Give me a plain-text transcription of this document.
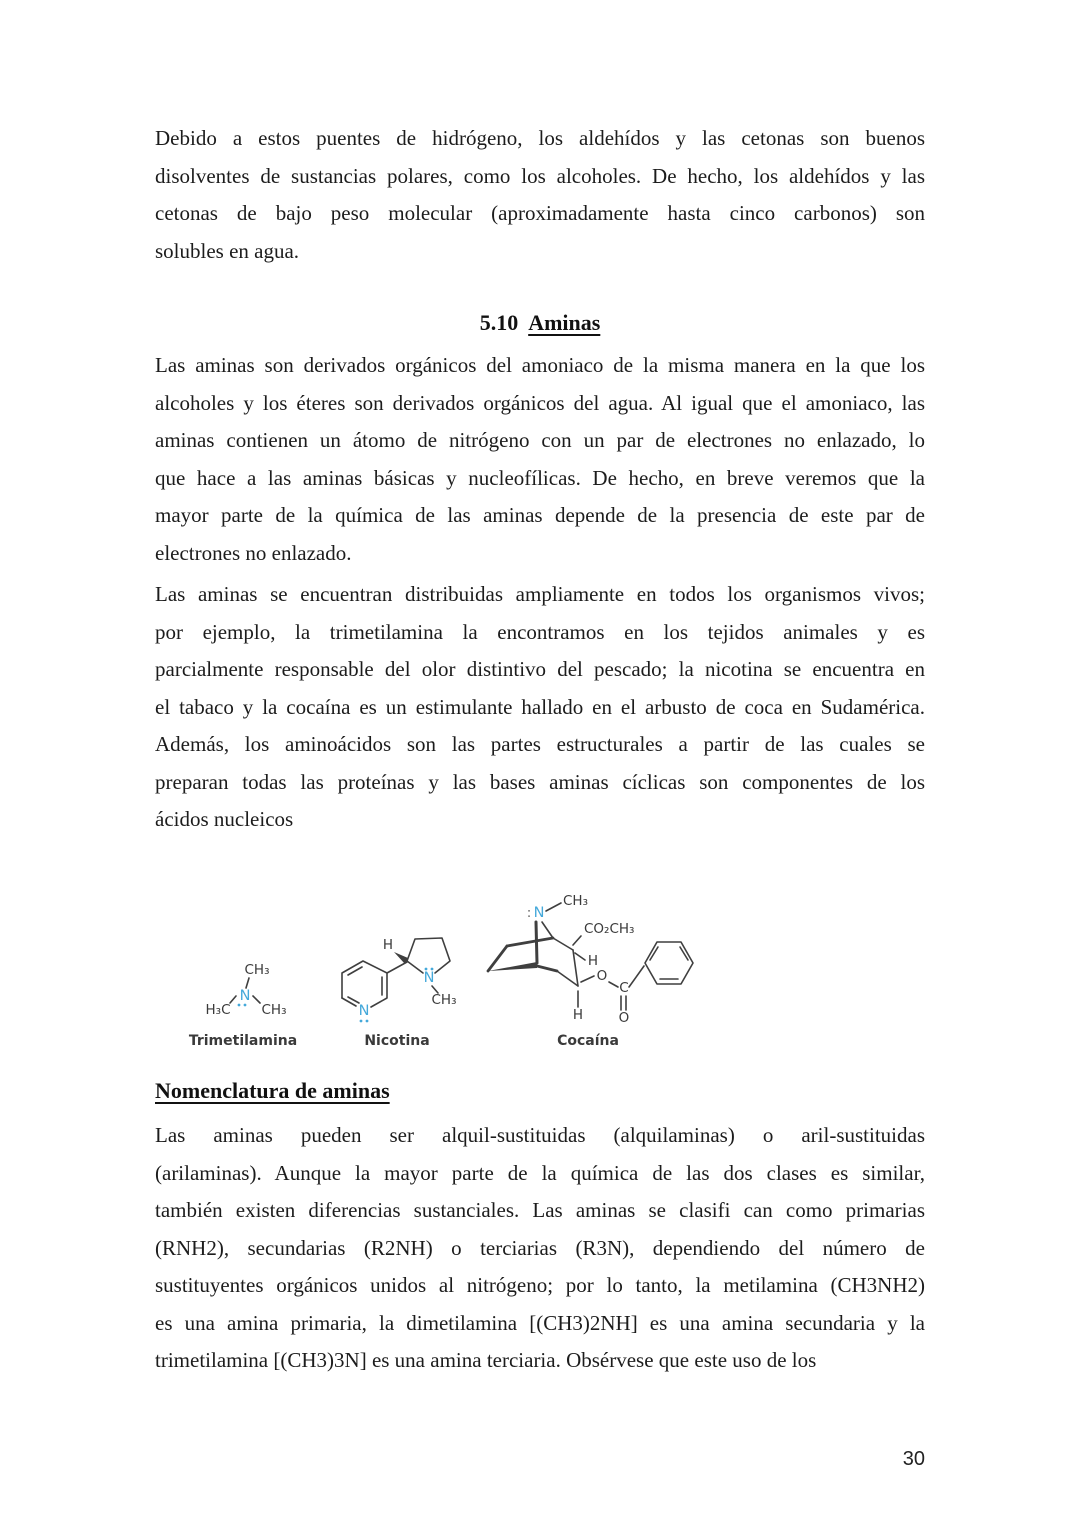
Debido a estos puentes de hidrógeno, los aldehídos y las cetonas son buenos
disolventes de sustancias polares, como los alcoholes. De hecho, los aldehídos y las
cetonas de bajo peso molecular (aproximadamente hasta cinco carbonos) son
solubles en agua.
5.10 Aminas
Las aminas son derivados orgánicos del amoniaco de la misma manera en la que los
alcoholes y los éteres son derivados orgánicos del agua. Al igual que el amoniaco, las
aminas contienen un átomo de nitrógeno con un par de electrones no enlazado, lo
que hace a las aminas básicas y nucleofílicas. De hecho, en breve veremos que la
mayor parte de la química de las aminas depende de la presencia de este par de
electrones no enlazado.
Las aminas se encuentran distribuidas ampliamente en todos los organismos vivos;
por ejemplo, la trimetilamina la encontramos en los tejidos animales y es
parcialmente responsable del olor distintivo del pescado; la nicotina se encuentra en
el tabaco y la cocaína es un estimulante hallado en el arbusto de coca en Sudamérica.
Además, los aminoácidos son las partes estructurales a partir de las cuales se
preparan todas las proteínas y las bases aminas cíclicas son componentes de los
ácidos nucleicos
CH₃
N
H₃C CH₃
Trimetilamina
N
H
N
CH₃
Nicotina
: N
CH₃
CO₂CH₃
H
O
C
O
H
Cocaína
Nomenclatura de aminas
Las aminas pueden ser alquil-sustituidas (alquilaminas) o aril-sustituidas
(arilaminas). Aunque la mayor parte de la química de las dos clases es similar,
también existen diferencias sustanciales. Las aminas se clasifi can como primarias
(RNH2), secundarias (R2NH) o terciarias (R3N), dependiendo del número de
sustituyentes orgánicos unidos al nitrógeno; por lo tanto, la metilamina (CH3NH2)
es una amina primaria, la dimetilamina [(CH3)2NH] es una amina secundaria y la
trimetilamina [(CH3)3N] es una amina terciaria. Obsérvese que este uso de los
30
